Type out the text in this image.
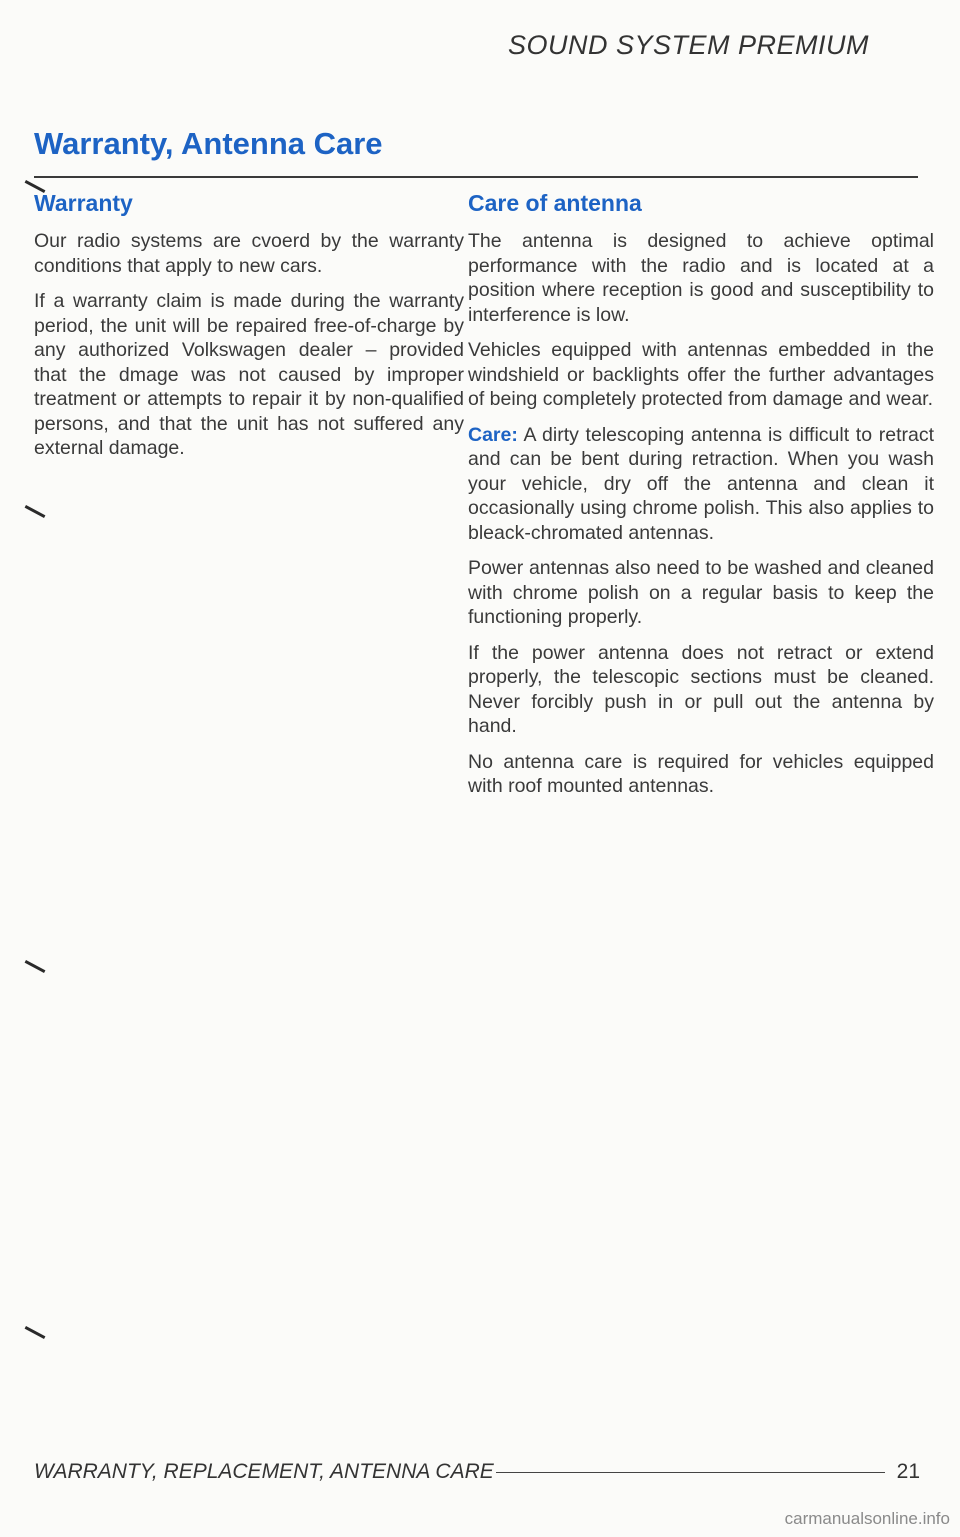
SOUND SYSTEM PREMIUM
Warranty, Antenna Care
Warranty

Our radio systems are cvoerd by the warranty conditions that apply to new cars.

If a warranty claim is made during the warranty period, the unit will be repaired free-of-charge by any authorized Volkswagen dealer – provided that the dmage was not caused by improper treatment or attempts to repair it by non-qualified persons, and that the unit has not suffered any external damage.

Care of antenna

The antenna is designed to achieve optimal performance with the radio and is located at a position where reception is good and susceptibility to interference is low.

Vehicles equipped with antennas embedded in the windshield or backlights offer the further advantages of being completely protected from damage and wear.

Care: A dirty telescoping antenna is difficult to retract and can be bent during retraction. When you wash your vehicle, dry off the antenna and clean it occasionally using chrome polish. This also applies to bleack-chromated antennas.

Power antennas also need to be washed and cleaned with chrome polish on a regular basis to keep the functioning properly.

If the power antenna does not retract or extend properly, the telescopic sections must be cleaned. Never forcibly push in or pull out the antenna by hand.

No antenna care is required for vehicles equipped with roof mounted antennas.

WARRANTY, REPLACEMENT, ANTENNA CARE	21
carmanualsonline.info
